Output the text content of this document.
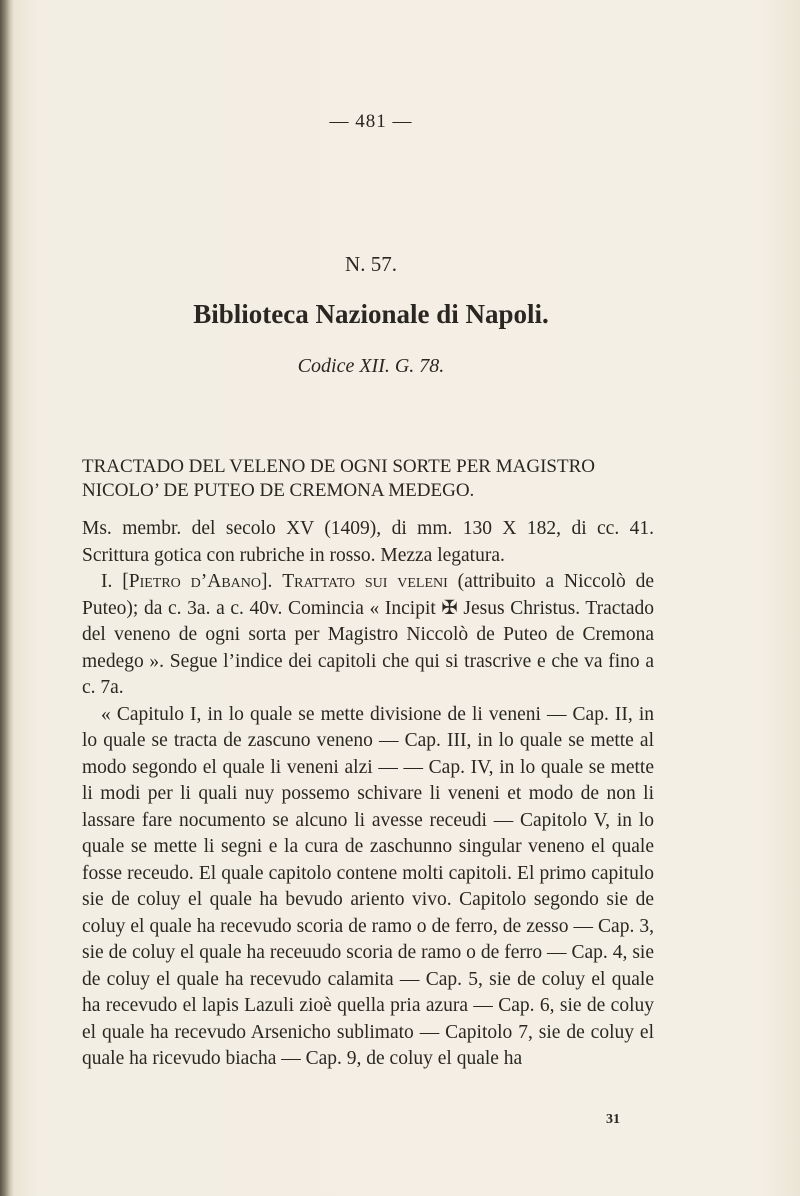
— 481 —
N. 57.
Biblioteca Nazionale di Napoli.
Codice XII. G. 78.
TRACTADO DEL VELENO DE OGNI SORTE PER MAGISTRO NICOLO’ DE PUTEO DE CREMONA MEDEGO.

Ms. membr. del secolo XV (1409), di mm. 130 X 182, di cc. 41. Scrittura gotica con rubriche in rosso. Mezza legatura.

I. [Pietro d’Abano]. Trattato sui veleni (attribuito a Niccolò de Puteo); da c. 3a. a c. 40v. Comincia « Incipit ✠ Jesus Christus. Tractado del veneno de ogni sorta per Magistro Niccolò de Puteo de Cremona medego ». Segue l’indice dei capitoli che qui si trascrive e che va fino a c. 7a.

« Capitulo I, in lo quale se mette divisione de li veneni — Cap. II, in lo quale se tracta de zascuno veneno — Cap. III, in lo quale se mette al modo segondo el quale li veneni alzi — — Cap. IV, in lo quale se mette li modi per li quali nuy possemo schivare li veneni et modo de non li lassare fare nocumento se alcuno li avesse receudi — Capitolo V, in lo quale se mette li segni e la cura de zaschunno singular veneno el quale fosse receudo. El quale capitolo contene molti capitoli. El primo capitulo sie de coluy el quale ha bevudo ariento vivo. Capitolo segondo sie de coluy el quale ha recevudo scoria de ramo o de ferro, de zesso — Cap. 3, sie de coluy el quale ha receuudo scoria de ramo o de ferro — Cap. 4, sie de coluy el quale ha recevudo calamita — Cap. 5, sie de coluy el quale ha recevudo el lapis Lazuli zioè quella pria azura — Cap. 6, sie de coluy el quale ha recevudo Arsenicho sublimato — Capitolo 7, sie de coluy el quale ha ricevudo biacha — Cap. 9, de coluy el quale ha

31
